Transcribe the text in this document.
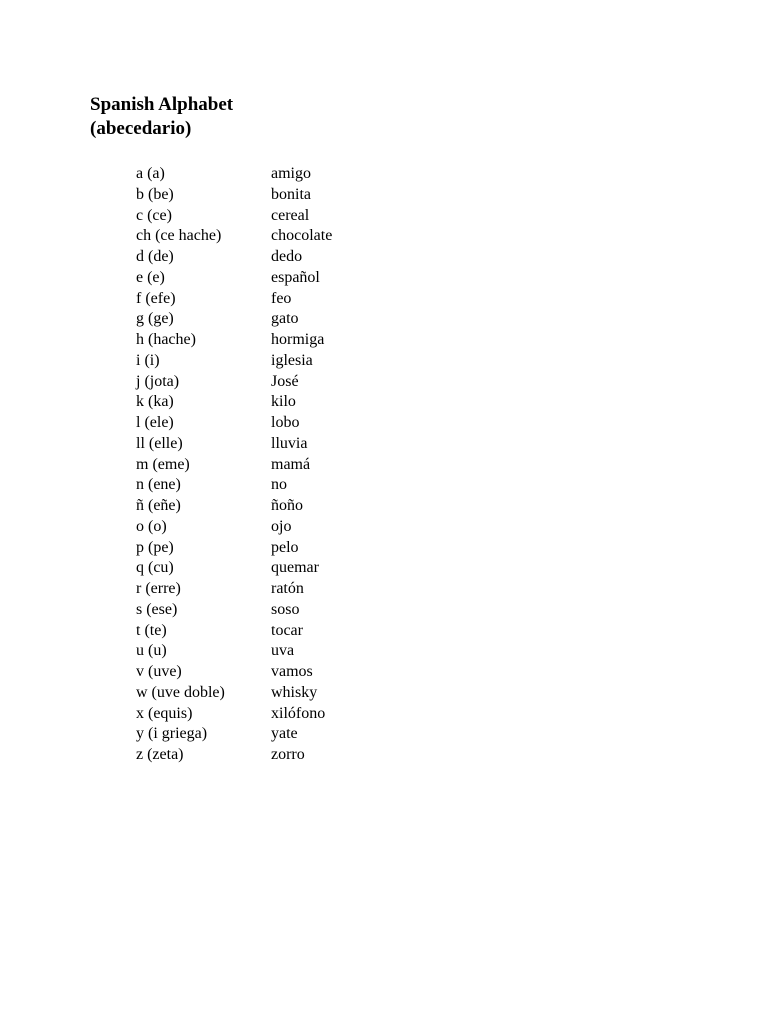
Spanish Alphabet
(abecedario)
a (a)	amigo
b (be)	bonita
c (ce)	cereal
ch (ce hache)	chocolate
d (de)	dedo
e (e)	español
f (efe)	feo
g (ge)	gato
h (hache)	hormiga
i (i)	iglesia
j (jota)	José
k (ka)	kilo
l (ele)	lobo
ll (elle)	lluvia
m (eme)	mamá
n (ene)	no
ñ (eñe)	ñoño
o (o)	ojo
p (pe)	pelo
q (cu)	quemar
r (erre)	ratón
s (ese)	soso
t (te)	tocar
u (u)	uva
v (uve)	vamos
w (uve doble)	whisky
x (equis)	xilófono
y (i griega)	yate
z (zeta)	zorro
